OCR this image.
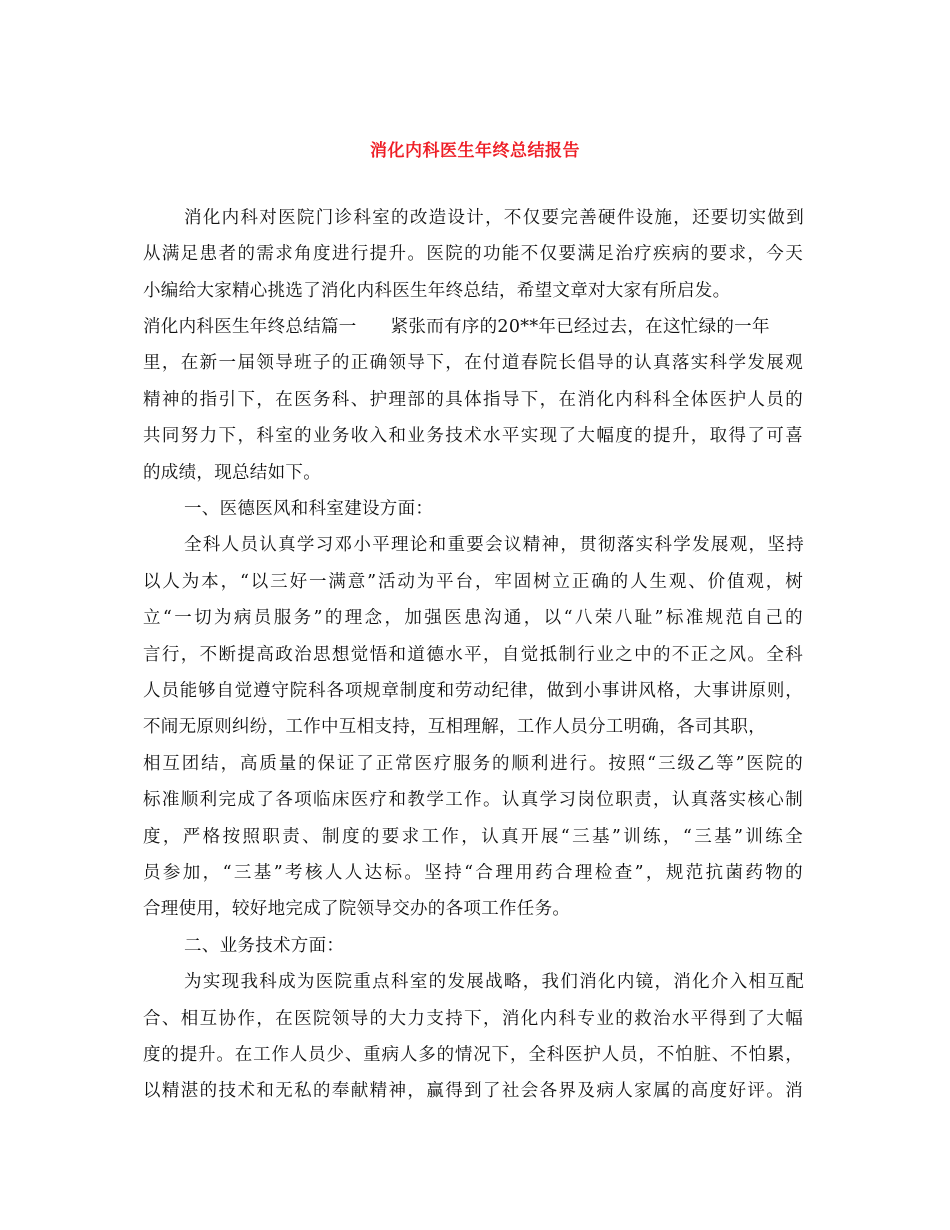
消化内科医生年终总结报告
消化内科对医院门诊科室的改造设计，不仅要完善硬件设施，还要切实做到
从满足患者的需求角度进行提升。医院的功能不仅要满足治疗疾病的要求，今天
小编给大家精心挑选了消化内科医生年终总结，希望文章对大家有所启发。
消化内科医生年终总结篇一 紧张而有序的20**年已经过去，在这忙绿的一年
里，在新一届领导班子的正确领导下，在付道春院长倡导的认真落实科学发展观
精神的指引下，在医务科、护理部的具体指导下，在消化内科科全体医护人员的
共同努力下，科室的业务收入和业务技术水平实现了大幅度的提升，取得了可喜
的成绩，现总结如下。
一、医德医风和科室建设方面：
全科人员认真学习邓小平理论和重要会议精神，贯彻落实科学发展观，坚持
以人为本，“以三好一满意”活动为平台，牢固树立正确的人生观、价值观，树
立“一切为病员服务”的理念，加强医患沟通，以“八荣八耻”标准规范自己的
言行，不断提高政治思想觉悟和道德水平，自觉抵制行业之中的不正之风。全科
人员能够自觉遵守院科各项规章制度和劳动纪律，做到小事讲风格，大事讲原则，
不闹无原则纠纷，工作中互相支持，互相理解，工作人员分工明确，各司其职，
相互团结，高质量的保证了正常医疗服务的顺利进行。按照“三级乙等”医院的
标准顺利完成了各项临床医疗和教学工作。认真学习岗位职责，认真落实核心制
度，严格按照职责、制度的要求工作，认真开展“三基”训练，“三基”训练全
员参加，“三基”考核人人达标。坚持“合理用药合理检查”，规范抗菌药物的
合理使用，较好地完成了院领导交办的各项工作任务。
二、业务技术方面：
为实现我科成为医院重点科室的发展战略，我们消化内镜，消化介入相互配
合、相互协作，在医院领导的大力支持下，消化内科专业的救治水平得到了大幅
度的提升。在工作人员少、重病人多的情况下，全科医护人员，不怕脏、不怕累，
以精湛的技术和无私的奉献精神，赢得到了社会各界及病人家属的高度好评。消
